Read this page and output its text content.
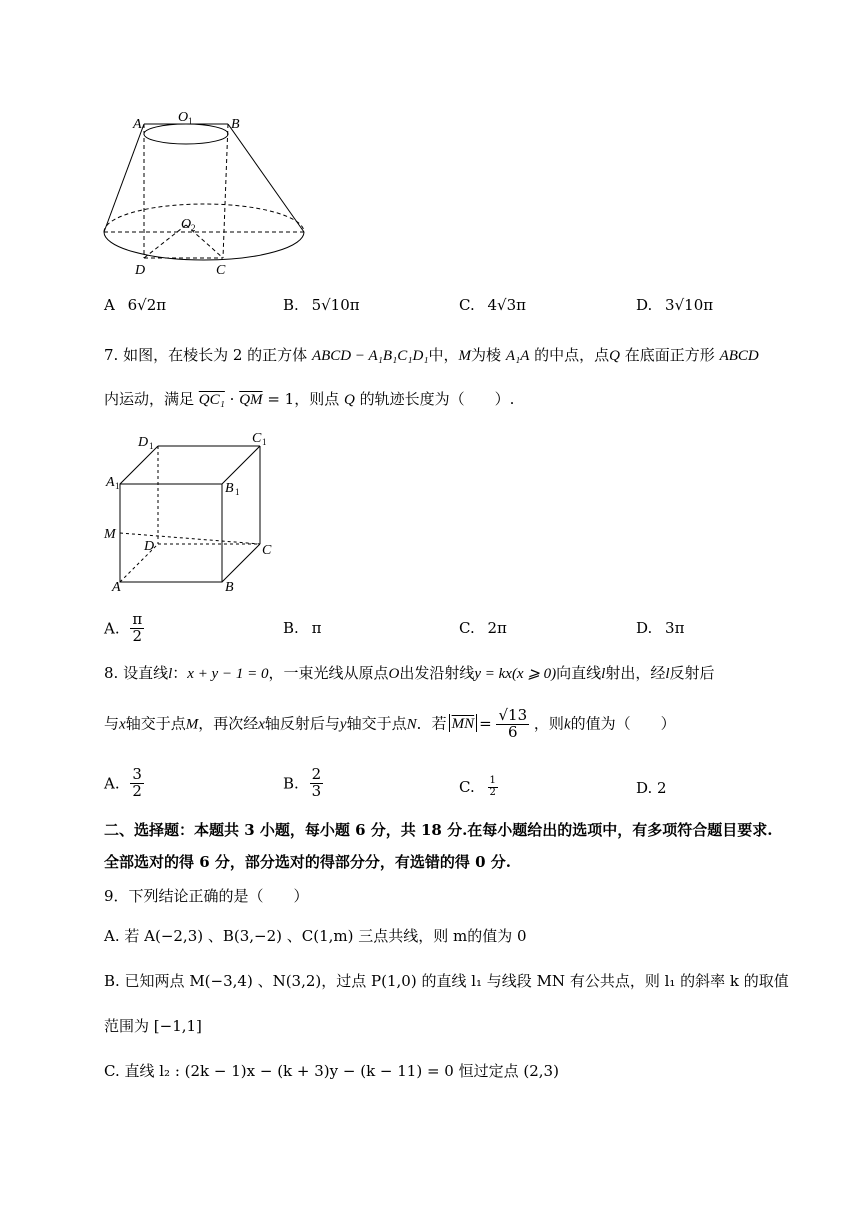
A	O 1	B
O 2
D	C
A 6√2π	B. 5√10π	C. 4√3π	D. 3√10π
7. 如图，在棱长为 2 的正方体 ABCD − A₁B₁C₁D₁中，M为棱 A₁A 的中点，点Q 在底面正方形 ABCD
内运动，满足 $QC_1 \cdot \overline{QM} = 1$，则点 Q 的轨迹长度为（　　）.
D 1	C 1
A 1	B 1
M
D	C
A	B
A. $\frac{\pi}{2}$	B. π	C. 2π	D. 3π
8. 设直线l：x + y − 1 = 0，一束光线从原点O出发沿射线y = kx(x ⩾ 0)向直线l射出，经l反射后
与x轴交于点M，再次经x轴反射后与y轴交于点N．若 $\overline{MN} = \frac{√13}{6}$ ，则k的值为（　　）
A. $\frac{3}{2}$	B. $\frac{2}{3}$	C. $\frac{1}{2}$	D. 2
二、选择题：本题共 3 小题，每小题 6 分，共 18 分.在每小题给出的选项中，有多项符合题目要求.
全部选对的得 6 分，部分选对的得部分分，有选错的得 0 分.
9．下列结论正确的是（　　）
A. 若 A(−2,3) 、B(3,−2) 、C(1,m) 三点共线，则 m的值为 0
B. 已知两点 M(−3,4) 、N(3,2)，过点 P(1,0) 的直线 l₁ 与线段 MN 有公共点，则 l₁ 的斜率 k 的取值
范围为 [−1,1]
C. 直线 l₂ : (2k − 1)x − (k + 3)y − (k − 11) = 0 恒过定点 (2,3)
